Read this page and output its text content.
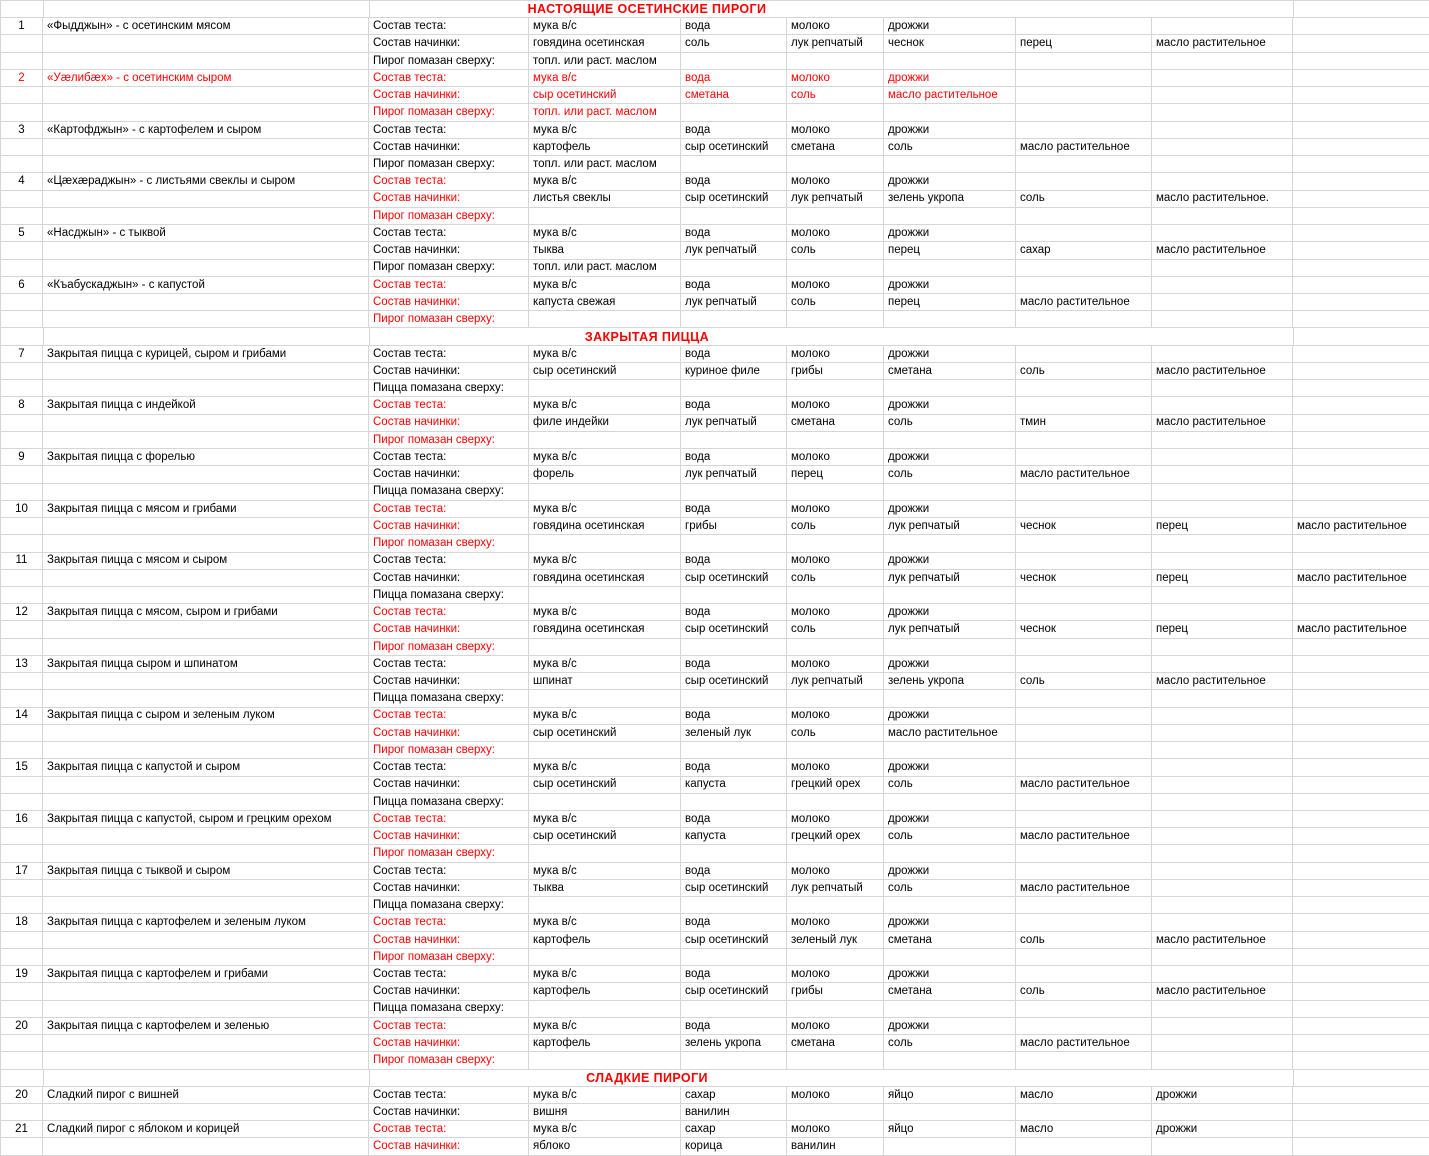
НАСТОЯЩИЕ ОСЕТИНСКИЕ ПИРОГИ
1	«Фыдджын» - с осетинским мясом	Состав теста:	мука в/с	вода	молоко	дрожжи
Состав начинки:	говядина осетинская	соль	лук репчатый	чеснок	перец	масло растительное
Пирог помазан сверху:	топл. или раст. маслом
2	«Уæлибæх» - с осетинским сыром	Состав теста:	мука в/с	вода	молоко	дрожжи
Состав начинки:	сыр осетинский	сметана	соль	масло растительное
Пирог помазан сверху:	топл. или раст. маслом
3	«Картофджын» - с картофелем и сыром	Состав теста:	мука в/с	вода	молоко	дрожжи
Состав начинки:	картофель	сыр осетинский	сметана	соль	масло растительное
Пирог помазан сверху:	топл. или раст. маслом
4	«Цæхæраджын» - с листьями свеклы и сыром	Состав теста:	мука в/с	вода	молоко	дрожжи
Состав начинки:	листья свеклы	сыр осетинский	лук репчатый	зелень укропа	соль	масло растительное.
Пирог помазан сверху:
5	«Насджын» - с тыквой	Состав теста:	мука в/с	вода	молоко	дрожжи
Состав начинки:	тыква	лук репчатый	соль	перец	сахар	масло растительное
Пирог помазан сверху:	топл. или раст. маслом
6	«Къабускаджын» - с капустой	Состав теста:	мука в/с	вода	молоко	дрожжи
Состав начинки:	капуста свежая	лук репчатый	соль	перец	масло растительное
Пирог помазан сверху:
ЗАКРЫТАЯ ПИЦЦА
7	Закрытая пицца с курицей, сыром и грибами	Состав теста:	мука в/с	вода	молоко	дрожжи
Состав начинки:	сыр осетинский	куриное филе	грибы	сметана	соль	масло растительное
Пицца помазана сверху:
8	Закрытая пицца с индейкой	Состав теста:	мука в/с	вода	молоко	дрожжи
Состав начинки:	филе индейки	лук репчатый	сметана	соль	тмин	масло растительное
Пирог помазан сверху:
9	Закрытая пицца с форелью	Состав теста:	мука в/с	вода	молоко	дрожжи
Состав начинки:	форель	лук репчатый	перец	соль	масло растительное
Пицца помазана сверху:
10	Закрытая пицца с мясом и грибами	Состав теста:	мука в/с	вода	молоко	дрожжи
Состав начинки:	говядина осетинская	грибы	соль	лук репчатый	чеснок	перец	масло растительное
Пирог помазан сверху:
11	Закрытая пицца с мясом и сыром	Состав теста:	мука в/с	вода	молоко	дрожжи
Состав начинки:	говядина осетинская	сыр осетинский	соль	лук репчатый	чеснок	перец	масло растительное
Пицца помазана сверху:
12	Закрытая пицца с мясом, сыром и грибами	Состав теста:	мука в/с	вода	молоко	дрожжи
Состав начинки:	говядина осетинская	сыр осетинский	соль	лук репчатый	чеснок	перец	масло растительное
Пирог помазан сверху:
13	Закрытая пицца сыром и шпинатом	Состав теста:	мука в/с	вода	молоко	дрожжи
Состав начинки:	шпинат	сыр осетинский	лук репчатый	зелень укропа	соль	масло растительное
Пицца помазана сверху:
14	Закрытая пицца с сыром и зеленым луком	Состав теста:	мука в/с	вода	молоко	дрожжи
Состав начинки:	сыр осетинский	зеленый лук	соль	масло растительное
Пирог помазан сверху:
15	Закрытая пицца с капустой и сыром	Состав теста:	мука в/с	вода	молоко	дрожжи
Состав начинки:	сыр осетинский	капуста	грецкий орех	соль	масло растительное
Пицца помазана сверху:
16	Закрытая пицца с капустой, сыром и грецким орехом	Состав теста:	мука в/с	вода	молоко	дрожжи
Состав начинки:	сыр осетинский	капуста	грецкий орех	соль	масло растительное
Пирог помазан сверху:
17	Закрытая пицца с тыквой и сыром	Состав теста:	мука в/с	вода	молоко	дрожжи
Состав начинки:	тыква	сыр осетинский	лук репчатый	соль	масло растительное
Пицца помазана сверху:
18	Закрытая пицца с картофелем и зеленым луком	Состав теста:	мука в/с	вода	молоко	дрожжи
Состав начинки:	картофель	сыр осетинский	зеленый лук	сметана	соль	масло растительное
Пирог помазан сверху:
19	Закрытая пицца с картофелем и грибами	Состав теста:	мука в/с	вода	молоко	дрожжи
Состав начинки:	картофель	сыр осетинский	грибы	сметана	соль	масло растительное
Пицца помазана сверху:
20	Закрытая пицца с картофелем и зеленью	Состав теста:	мука в/с	вода	молоко	дрожжи
Состав начинки:	картофель	зелень укропа	сметана	соль	масло растительное
Пирог помазан сверху:
СЛАДКИЕ ПИРОГИ
20	Сладкий пирог с вишней	Состав теста:	мука в/с	сахар	молоко	яйцо	масло	дрожжи
Состав начинки:	вишня	ванилин
21	Сладкий пирог с яблоком и корицей	Состав теста:	мука в/с	сахар	молоко	яйцо	масло	дрожжи
Состав начинки:	яблоко	корица	ванилин
